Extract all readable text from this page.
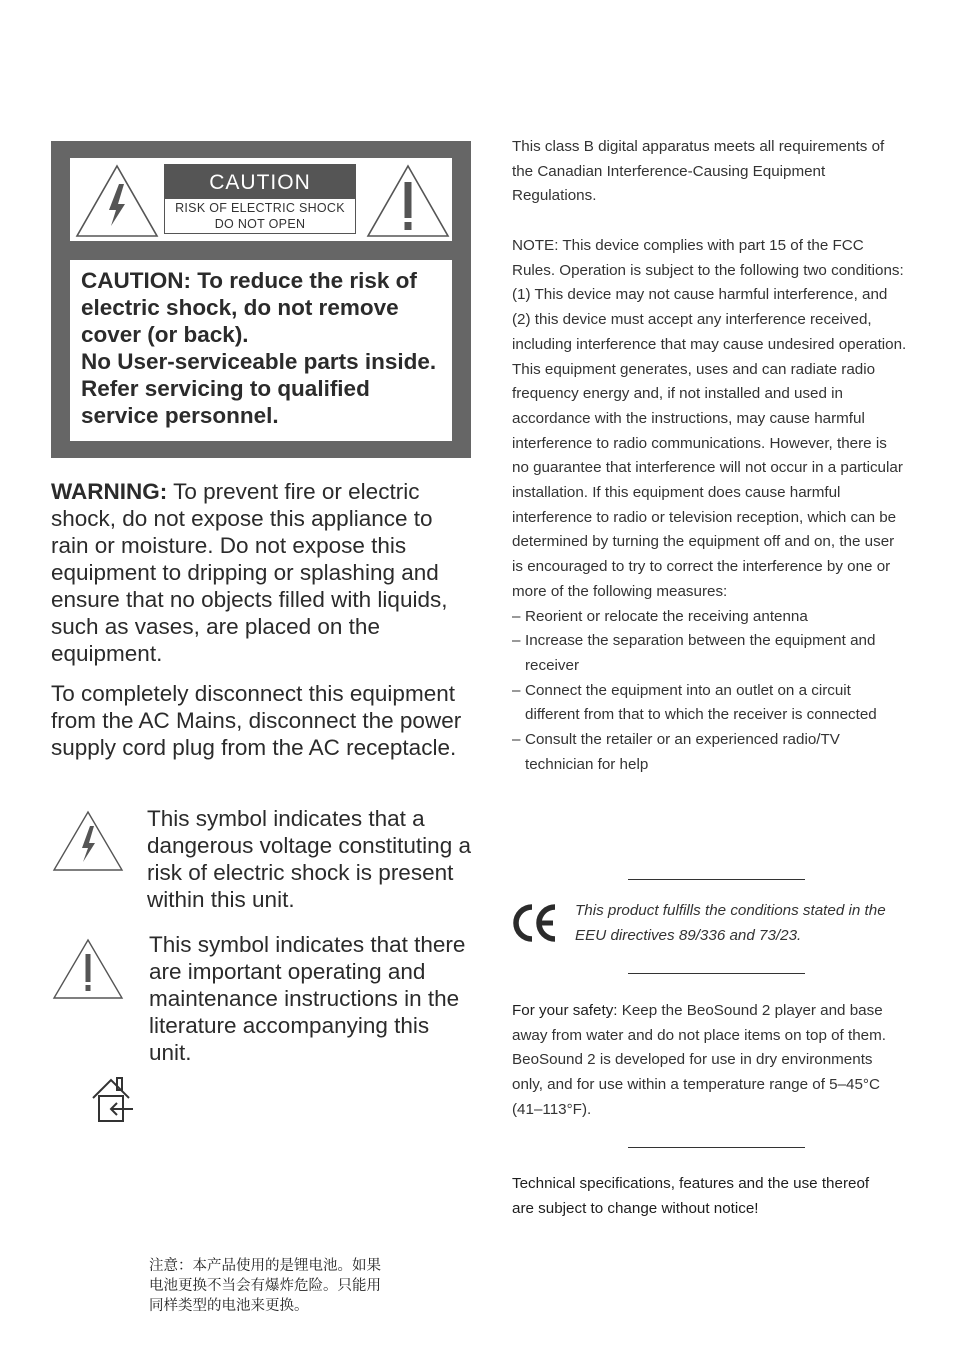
CAUTION
RISK OF ELECTRIC SHOCK
DO NOT OPEN

CAUTION: To reduce the risk of

electric shock, do not remove

cover (or back).

No User-serviceable parts inside.

Refer servicing to qualified

service personnel.

WARNING: To prevent fire or electric shock, do not expose this appliance to rain or moisture. Do not expose this equipment to dripping or splashing and ensure that no objects filled with liquids, such as vases, are placed on the equipment.

To completely disconnect this equipment from the AC Mains, disconnect the power supply cord plug from the AC receptacle.

This symbol indicates that a dangerous voltage constituting a risk of electric shock is present within this unit.

This symbol indicates that there are important operating and maintenance instructions in the literature accompanying this unit.

注意：本产品使用的是锂电池。如果
电池更换不当会有爆炸危险。只能用
同样类型的电池来更换。

This class B digital apparatus meets all requirements of the Canadian Interference-Causing Equipment Regulations.

NOTE: This device complies with part 15 of the FCC Rules. Operation is subject to the following two conditions: (1) This device may not cause harmful interference, and (2) this device must accept any interference received, including interference that may cause undesired operation.

This equipment generates, uses and can radiate radio frequency energy and, if not installed and used in accordance with the instructions, may cause harmful interference to radio communications. However, there is no guarantee that interference will not occur in a particular installation. If this equipment does cause harmful interference to radio or television reception, which can be determined by turning the equipment off and on, the user is encouraged to try to correct the interference by one or more of the following measures:

– Reorient or relocate the receiving antenna
– Increase the separation between the equipment and receiver
– Connect the equipment into an outlet on a circuit different from that to which the receiver is connected
– Consult the retailer or an experienced radio/TV technician for help

This product fulfills the conditions stated in the EEU directives 89/336 and 73/23.

For your safety: Keep the BeoSound 2 player and base away from water and do not place items on top of them. BeoSound 2 is developed for use in dry environments only, and for use within a temperature range of 5–45°C (41–113°F).

Technical specifications, features and the use thereof are subject to change without notice!
